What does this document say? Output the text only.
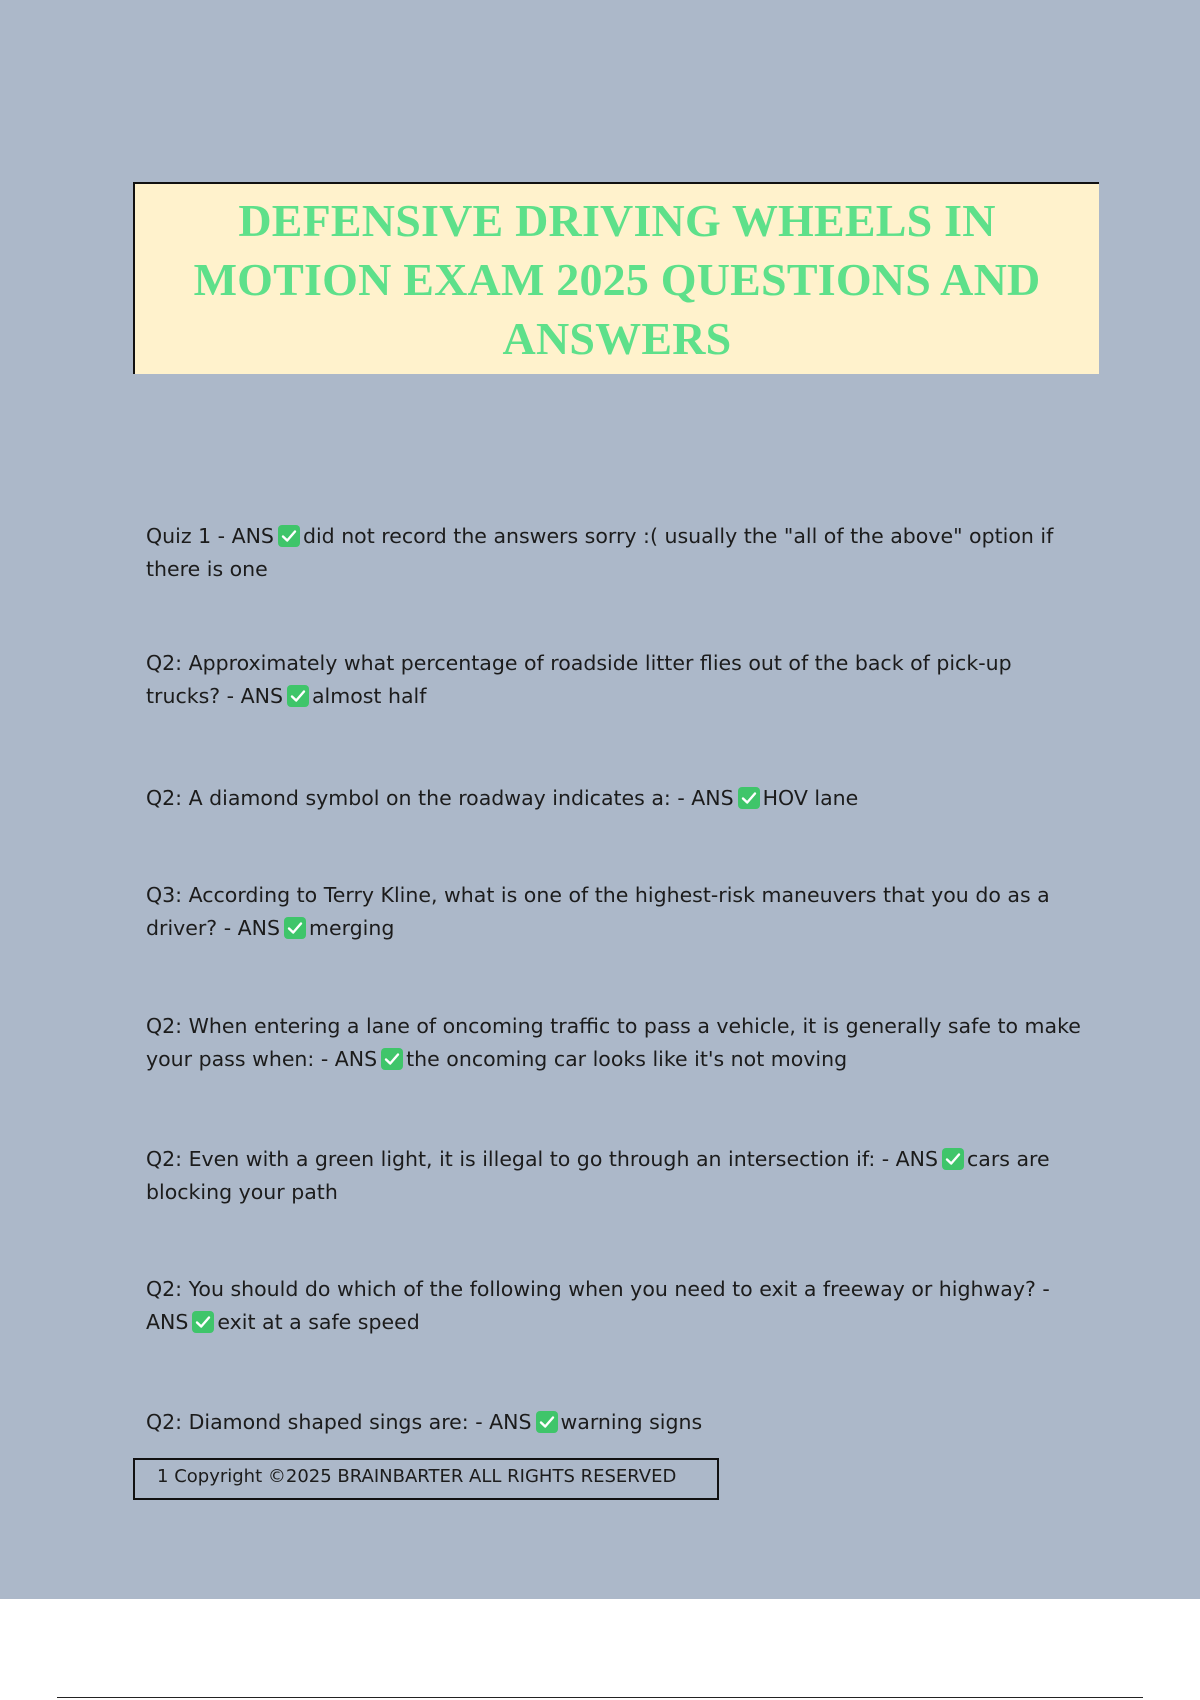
DEFENSIVE DRIVING WHEELS IN
MOTION EXAM 2025 QUESTIONS AND
ANSWERS

Quiz 1 - ANS did not record the answers sorry :( usually the "all of the above" option if there is one

Q2: Approximately what percentage of roadside litter flies out of the back of pick-up trucks? - ANS almost half

Q2: A diamond symbol on the roadway indicates a: - ANS HOV lane

Q3: According to Terry Kline, what is one of the highest-risk maneuvers that you do as a driver? - ANS merging

Q2: When entering a lane of oncoming traffic to pass a vehicle, it is generally safe to make your pass when: - ANS the oncoming car looks like it's not moving

Q2: Even with a green light, it is illegal to go through an intersection if: - ANS cars are blocking your path

Q2: You should do which of the following when you need to exit a freeway or highway? - ANS exit at a safe speed

Q2: Diamond shaped sings are: - ANS warning signs

1 Copyright ©2025 BRAINBARTER ALL RIGHTS RESERVED
